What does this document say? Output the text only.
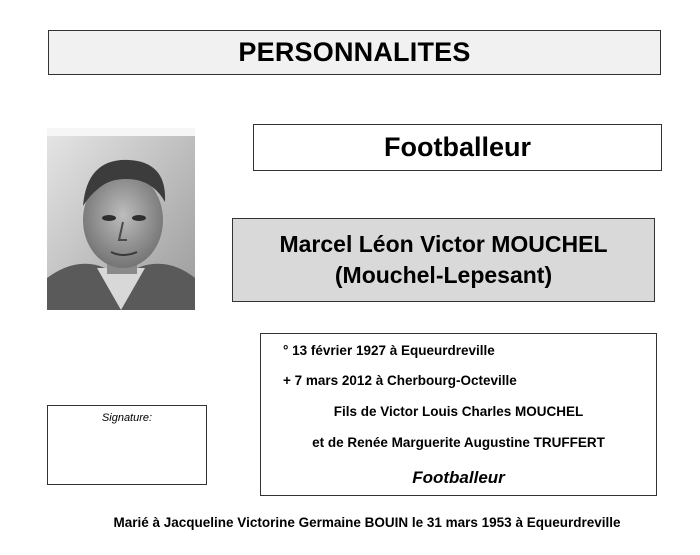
PERSONNALITES
Footballeur
Marcel Léon Victor MOUCHEL
(Mouchel-Lepesant)
Signature:
° 13 février 1927 à Equeurdreville
+ 7 mars 2012 à Cherbourg-Octeville
Fils de Victor Louis Charles MOUCHEL
et de Renée Marguerite Augustine TRUFFERT
Footballeur
Marié à Jacqueline Victorine Germaine BOUIN le 31 mars 1953 à Equeurdreville
